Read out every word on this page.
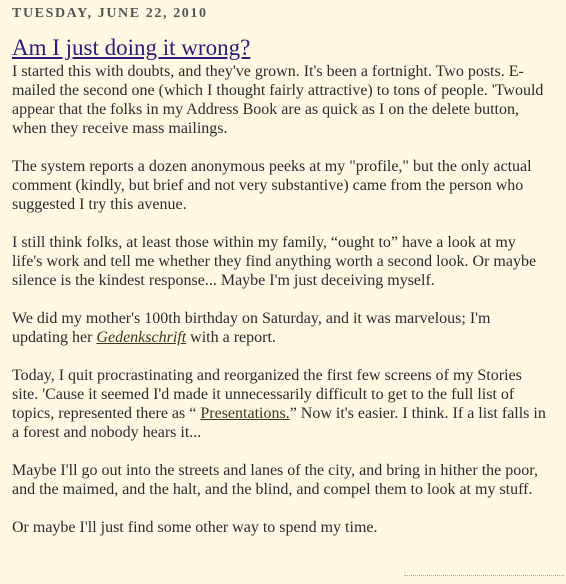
TUESDAY, JUNE 22, 2010
Am I just doing it wrong?

I started this with doubts, and they've grown. It's been a fortnight. Two posts. E-mailed the second one (which I thought fairly attractive) to tons of people. 'Twould appear that the folks in my Address Book are as quick as I on the delete button, when they receive mass mailings.

The system reports a dozen anonymous peeks at my "profile," but the only actual comment (kindly, but brief and not very substantive) came from the person who suggested I try this avenue.

I still think folks, at least those within my family, “ought to” have a look at my life's work and tell me whether they find anything worth a second look. Or maybe silence is the kindest response... Maybe I'm just deceiving myself.

We did my mother's 100th birthday on Saturday, and it was marvelous; I'm updating her Gedenkschrift with a report.

Today, I quit procrastinating and reorganized the first few screens of my Stories site. 'Cause it seemed I'd made it unnecessarily difficult to get to the full list of topics, represented there as “ Presentations.” Now it's easier. I think. If a list falls in a forest and nobody hears it...

Maybe I'll go out into the streets and lanes of the city, and bring in hither the poor, and the maimed, and the halt, and the blind, and compel them to look at my stuff.

Or maybe I'll just find some other way to spend my time.
